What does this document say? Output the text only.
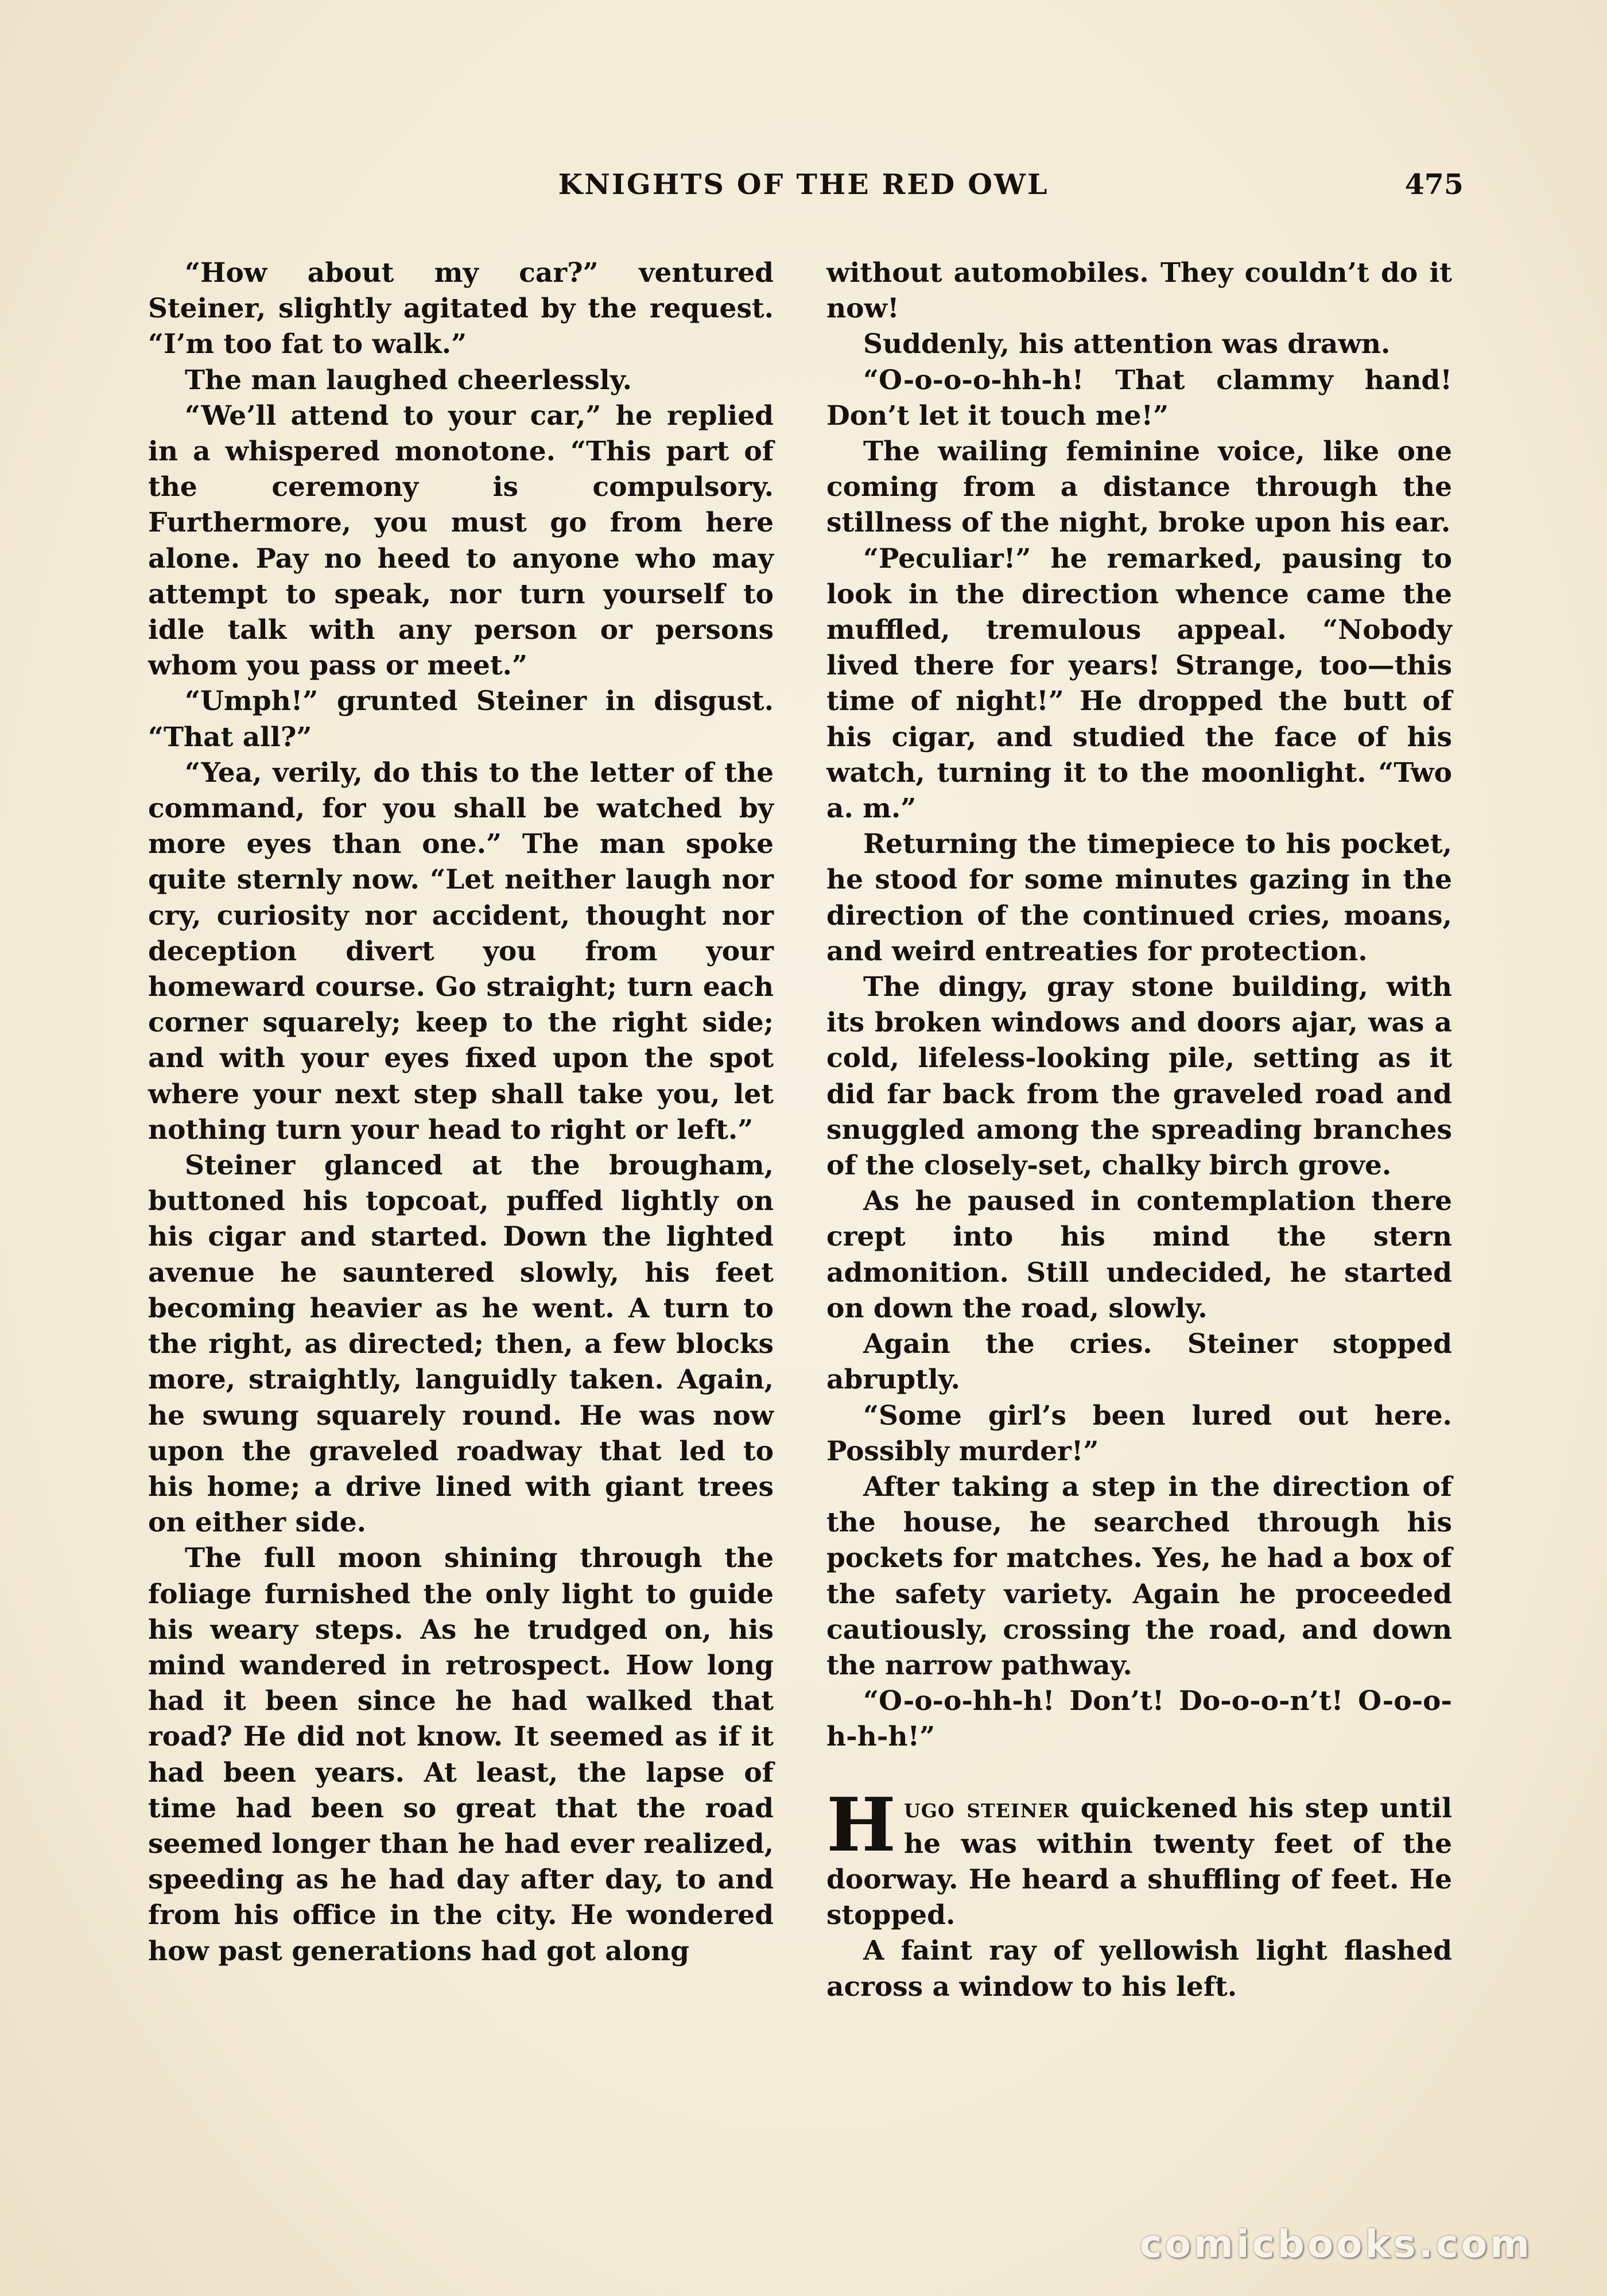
KNIGHTS OF THE RED OWL	475

“How about my car?” ventured Steiner, slightly agitated by the request. “I’m too fat to walk.”

The man laughed cheerlessly.

“We’ll attend to your car,” he replied in a whispered monotone. “This part of the ceremony is compulsory. Furthermore, you must go from here alone. Pay no heed to anyone who may attempt to speak, nor turn yourself to idle talk with any person or persons whom you pass or meet.”

“Umph!” grunted Steiner in disgust. “That all?”

“Yea, verily, do this to the letter of the command, for you shall be watched by more eyes than one.” The man spoke quite sternly now. “Let neither laugh nor cry, curiosity nor accident, thought nor deception divert you from your homeward course. Go straight; turn each corner squarely; keep to the right side; and with your eyes fixed upon the spot where your next step shall take you, let nothing turn your head to right or left.”

Steiner glanced at the brougham, buttoned his topcoat, puffed lightly on his cigar and started. Down the lighted avenue he sauntered slowly, his feet becoming heavier as he went. A turn to the right, as directed; then, a few blocks more, straightly, languidly taken. Again, he swung squarely round. He was now upon the graveled roadway that led to his home; a drive lined with giant trees on either side.

The full moon shining through the foliage furnished the only light to guide his weary steps. As he trudged on, his mind wandered in retrospect. How long had it been since he had walked that road? He did not know. It seemed as if it had been years. At least, the lapse of time had been so great that the road seemed longer than he had ever realized, speeding as he had day after day, to and from his office in the city. He wondered how past generations had got along

without automobiles. They couldn’t do it now!

Suddenly, his attention was drawn.

“O-o-o-o-hh-h! That clammy hand! Don’t let it touch me!”

The wailing feminine voice, like one coming from a distance through the stillness of the night, broke upon his ear.

“Peculiar!” he remarked, pausing to look in the direction whence came the muffled, tremulous appeal. “Nobody lived there for years! Strange, too—this time of night!” He dropped the butt of his cigar, and studied the face of his watch, turning it to the moonlight. “Two a. m.”

Returning the timepiece to his pocket, he stood for some minutes gazing in the direction of the continued cries, moans, and weird entreaties for protection.

The dingy, gray stone building, with its broken windows and doors ajar, was a cold, lifeless-looking pile, setting as it did far back from the graveled road and snuggled among the spreading branches of the closely-set, chalky birch grove.

As he paused in contemplation there crept into his mind the stern admonition. Still undecided, he started on down the road, slowly.

Again the cries. Steiner stopped abruptly.

“Some girl’s been lured out here. Possibly murder!”

After taking a step in the direction of the house, he searched through his pockets for matches. Yes, he had a box of the safety variety. Again he proceeded cautiously, crossing the road, and down the narrow pathway.

“O-o-o-hh-h! Don’t! Do-o-o-n’t! O-o-o-h-h-h!”

Hugo steiner quickened his step until he was within twenty feet of the doorway. He heard a shuffling of feet. He stopped.

A faint ray of yellowish light flashed across a window to his left.

comicbooks.com
